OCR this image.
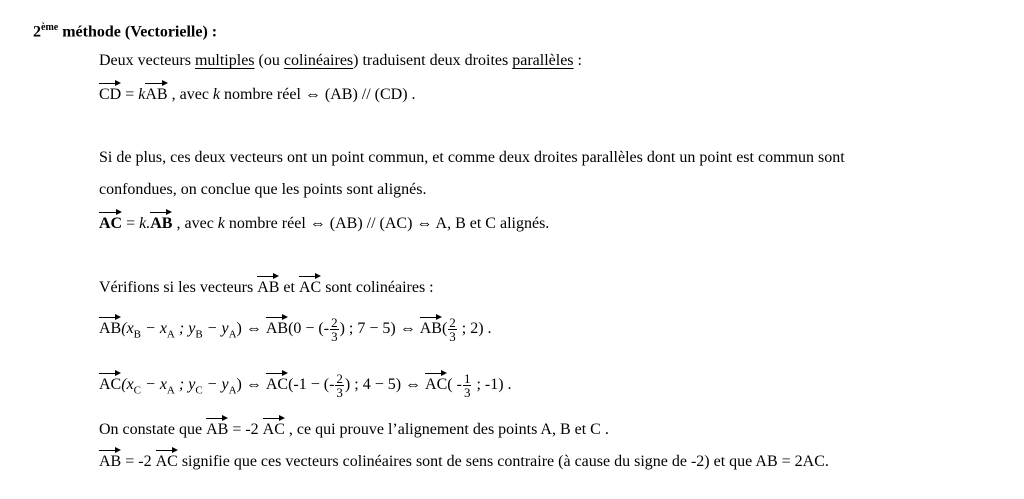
2ème méthode (Vectorielle) :
Deux vecteurs multiples (ou colinéaires) traduisent deux droites parallèles :
CD = kAB , avec k nombre réel ⇔ (AB) // (CD) .
Si de plus, ces deux vecteurs ont un point commun, et comme deux droites parallèles dont un point est commun sont
confondues, on conclue que les points sont alignés.
AC = k.AB , avec k nombre réel ⇔ (AB) // (AC) ⇔ A, B et C alignés.
Vérifions si les vecteurs AB et AC sont colinéaires :
$AB(x_B - x_A$ ; $y_B - y_A$) ⇔ AB(0 − (- $\frac{2}{3}$ ) ; 7 − 5) ⇔ $AB( \frac{2}{3}$ ; 2) .
$AC(x_C - x_A$ ; $y_C - y_A$) ⇔ AC(-1 − (- $\frac{2}{3}$ ) ; 4 − 5) ⇔ $AC( - \frac{1}{3}$ ; -1) .
On constate que AB = -2 AC , ce qui prouve l’alignement des points A, B et C .
AB = -2 AC signifie que ces vecteurs colinéaires sont de sens contraire (à cause du signe de -2) et que AB = 2AC.
